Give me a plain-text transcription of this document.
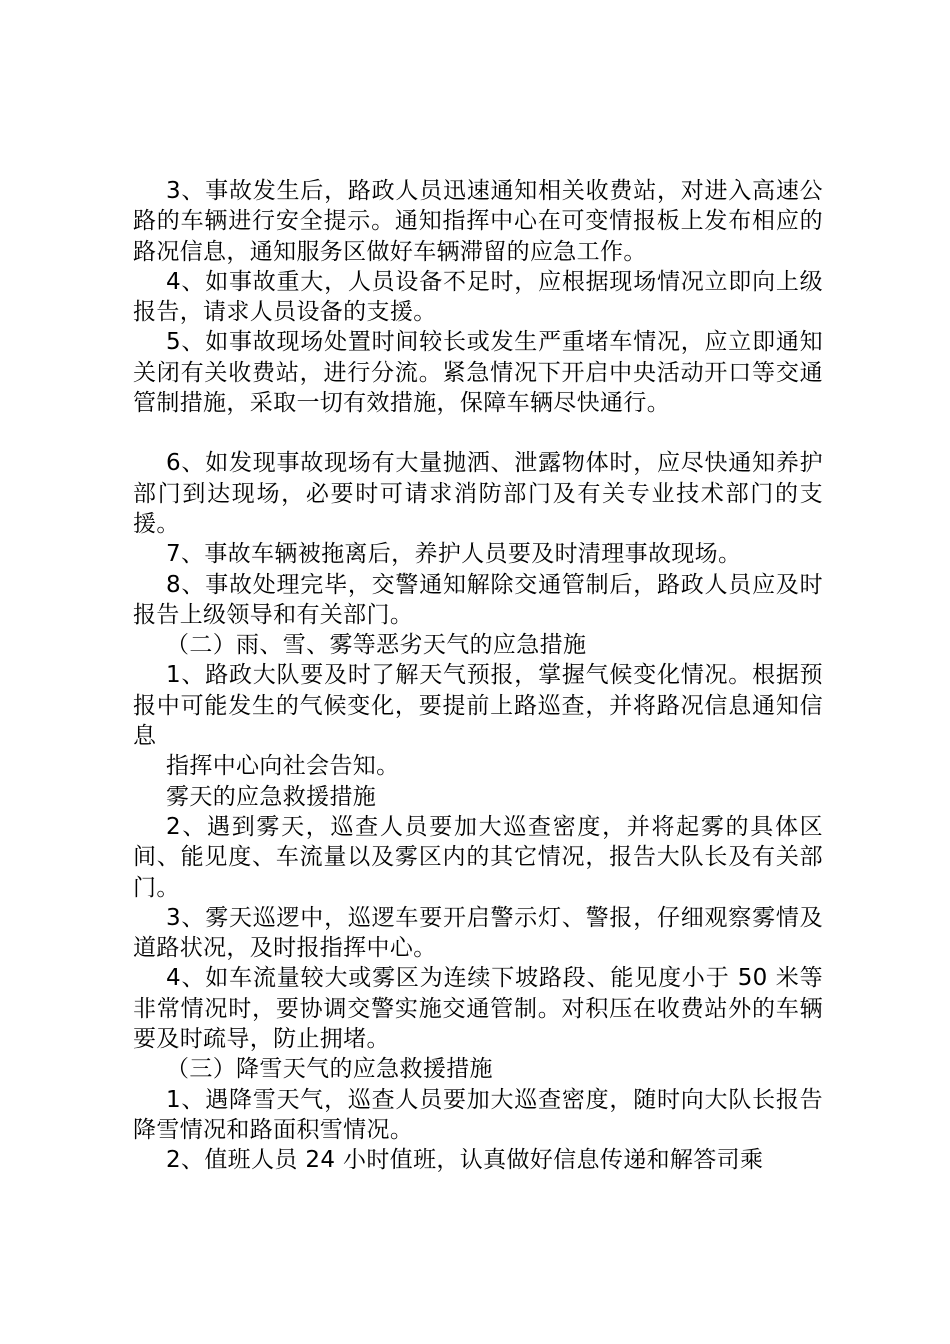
3、事故发生后，路政人员迅速通知相关收费站，对进入高速公路的车辆进行安全提示。通知指挥中心在可变情报板上发布相应的路况信息，通知服务区做好车辆滞留的应急工作。

4、如事故重大，人员设备不足时，应根据现场情况立即向上级报告，请求人员设备的支援。

5、如事故现场处置时间较长或发生严重堵车情况，应立即通知关闭有关收费站，进行分流。紧急情况下开启中央活动开口等交通管制措施，采取一切有效措施，保障车辆尽快通行。

6、如发现事故现场有大量抛洒、泄露物体时，应尽快通知养护部门到达现场，必要时可请求消防部门及有关专业技术部门的支援。

7、事故车辆被拖离后，养护人员要及时清理事故现场。

8、事故处理完毕，交警通知解除交通管制后，路政人员应及时报告上级领导和有关部门。

（二）雨、雪、雾等恶劣天气的应急措施

1、路政大队要及时了解天气预报，掌握气候变化情况。根据预报中可能发生的气候变化，要提前上路巡查，并将路况信息通知信息

指挥中心向社会告知。

雾天的应急救援措施

2、遇到雾天，巡查人员要加大巡查密度，并将起雾的具体区间、能见度、车流量以及雾区内的其它情况，报告大队长及有关部门。

3、雾天巡逻中，巡逻车要开启警示灯、警报，仔细观察雾情及道路状况，及时报指挥中心。

4、如车流量较大或雾区为连续下坡路段、能见度小于 50 米等非常情况时，要协调交警实施交通管制。对积压在收费站外的车辆要及时疏导，防止拥堵。

（三）降雪天气的应急救援措施

1、遇降雪天气，巡查人员要加大巡查密度，随时向大队长报告降雪情况和路面积雪情况。

2、值班人员 24 小时值班，认真做好信息传递和解答司乘
